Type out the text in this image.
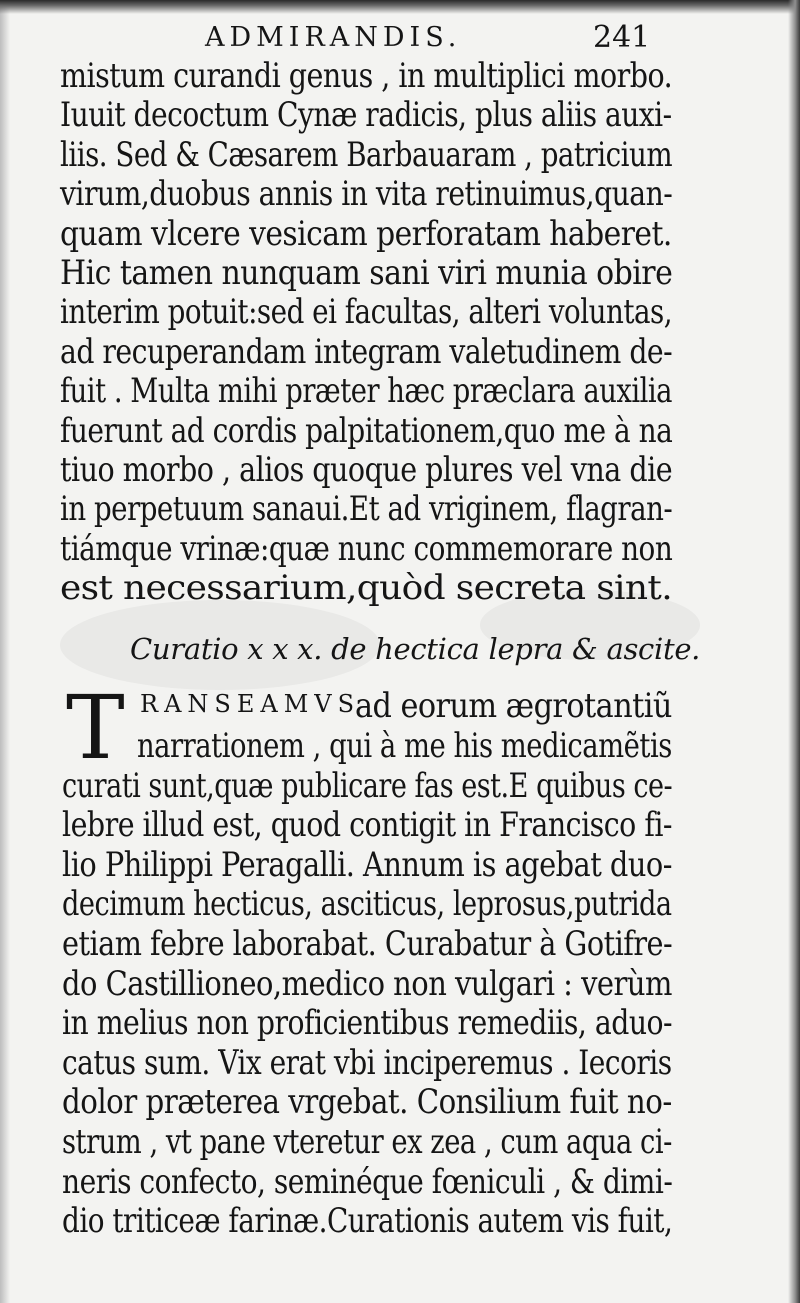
ADMIRANDIS.	241
mistum curandi genus , in multiplici morbo.
Iuuit decoctum Cynæ radicis, plus aliis auxi-
liis. Sed & Cæsarem Barbauaram , patricium
virum,duobus annis in vita retinuimus,quan-
quam vlcere vesicam perforatam haberet.
Hic tamen nunquam sani viri munia obire
interim potuit:sed ei facultas, alteri voluntas,
ad recuperandam integram valetudinem de-
fuit . Multa mihi præter hæc præclara auxilia
fuerunt ad cordis palpitationem,quo me à na
tiuo morbo , alios quoque plures vel vna die
in perpetuum sanaui.Et ad vriginem, flagran-
tiámque vrinæ:quæ nunc commemorare non
est necessarium,quòd secreta sint.
Curatio x x x. de hectica lepra & ascite.
T RANSEAMVS
ad eorum ægrotantiũ
narrationem , qui à me his medicamẽtis
curati sunt,quæ publicare fas est.E quibus ce-
lebre illud est, quod contigit in Francisco fi-
lio Philippi Peragalli. Annum is agebat duo-
decimum hecticus, asciticus, leprosus,putrida
etiam febre laborabat. Curabatur à Gotifre-
do Castillioneo,medico non vulgari : verùm
in melius non proficientibus remediis, aduo-
catus sum. Vix erat vbi inciperemus . Iecoris
dolor præterea vrgebat. Consilium fuit no-
strum , vt pane vteretur ex zea , cum aqua ci-
neris confecto, seminéque fœniculi , & dimi-
dio triticeæ farinæ.Curationis autem vis fuit,
